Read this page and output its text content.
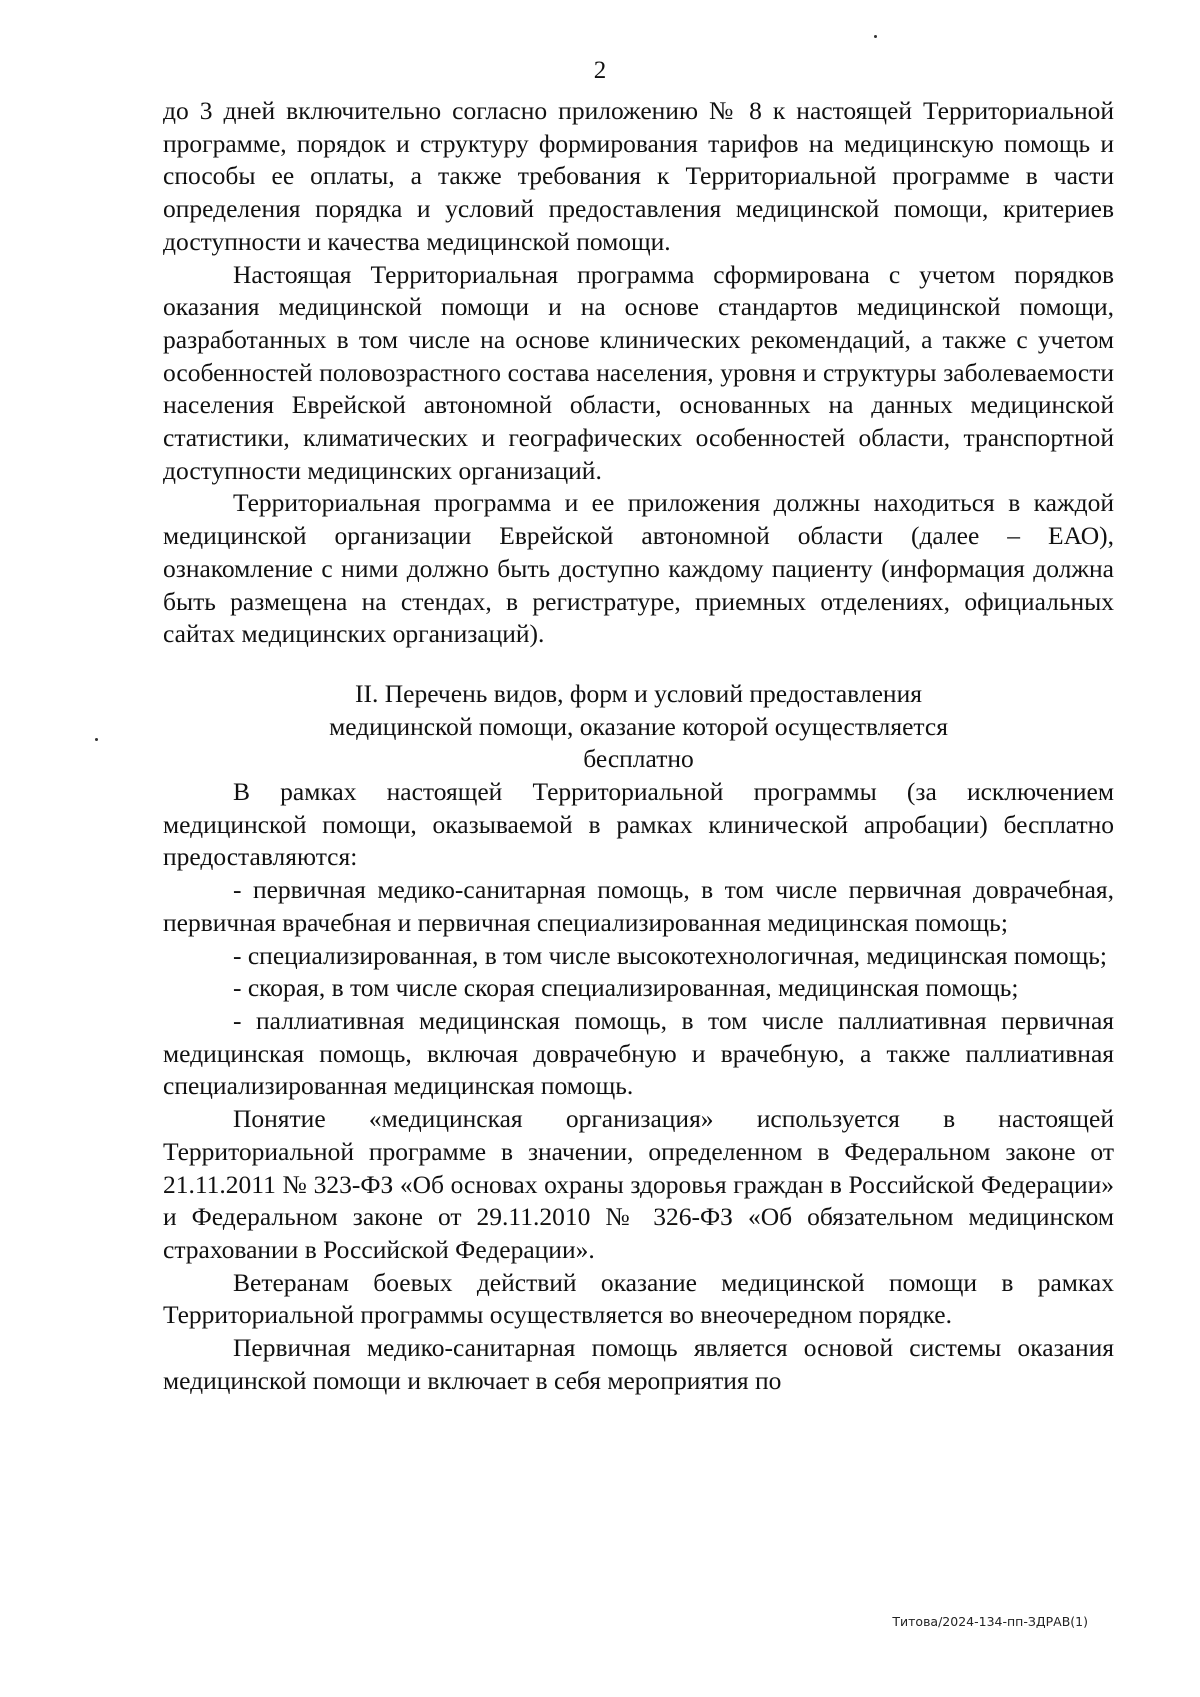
2

до 3 дней включительно согласно приложению № 8 к настоящей Территориальной программе, порядок и структуру формирования тарифов на медицинскую помощь и способы ее оплаты, а также требования к Территориальной программе в части определения порядка и условий предоставления медицинской помощи, критериев доступности и качества медицинской помощи.

Настоящая Территориальная программа сформирована с учетом порядков оказания медицинской помощи и на основе стандартов медицинской помощи, разработанных в том числе на основе клинических рекомендаций, а также с учетом особенностей половозрастного состава населения, уровня и структуры заболеваемости населения Еврейской автономной области, основанных на данных медицинской статистики, климатических и географических особенностей области, транспортной доступности медицинских организаций.

Территориальная программа и ее приложения должны находиться в каждой медицинской организации Еврейской автономной области (далее – ЕАО), ознакомление с ними должно быть доступно каждому пациенту (информация должна быть размещена на стендах, в регистратуре, приемных отделениях, официальных сайтах медицинских организаций).

II. Перечень видов, форм и условий предоставления
медицинской помощи, оказание которой осуществляется
бесплатно

В рамках настоящей Территориальной программы (за исключением медицинской помощи, оказываемой в рамках клинической апробации) бесплатно предоставляются:

- первичная медико-санитарная помощь, в том числе первичная доврачебная, первичная врачебная и первичная специализированная медицинская помощь;

- специализированная, в том числе высокотехнологичная, медицинская помощь;

- скорая, в том числе скорая специализированная, медицинская помощь;

- паллиативная медицинская помощь, в том числе паллиативная первичная медицинская помощь, включая доврачебную и врачебную, а также паллиативная специализированная медицинская помощь.

Понятие «медицинская организация» используется в настоящей Территориальной программе в значении, определенном в Федеральном законе от 21.11.2011 № 323-ФЗ «Об основах охраны здоровья граждан в Российской Федерации» и Федеральном законе от 29.11.2010 № 326-ФЗ «Об обязательном медицинском страховании в Российской Федерации».

Ветеранам боевых действий оказание медицинской помощи в рамках Территориальной программы осуществляется во внеочередном порядке.

Первичная медико-санитарная помощь является основой системы оказания медицинской помощи и включает в себя мероприятия по

Титова/2024-134-пп-ЗДРАВ(1)
